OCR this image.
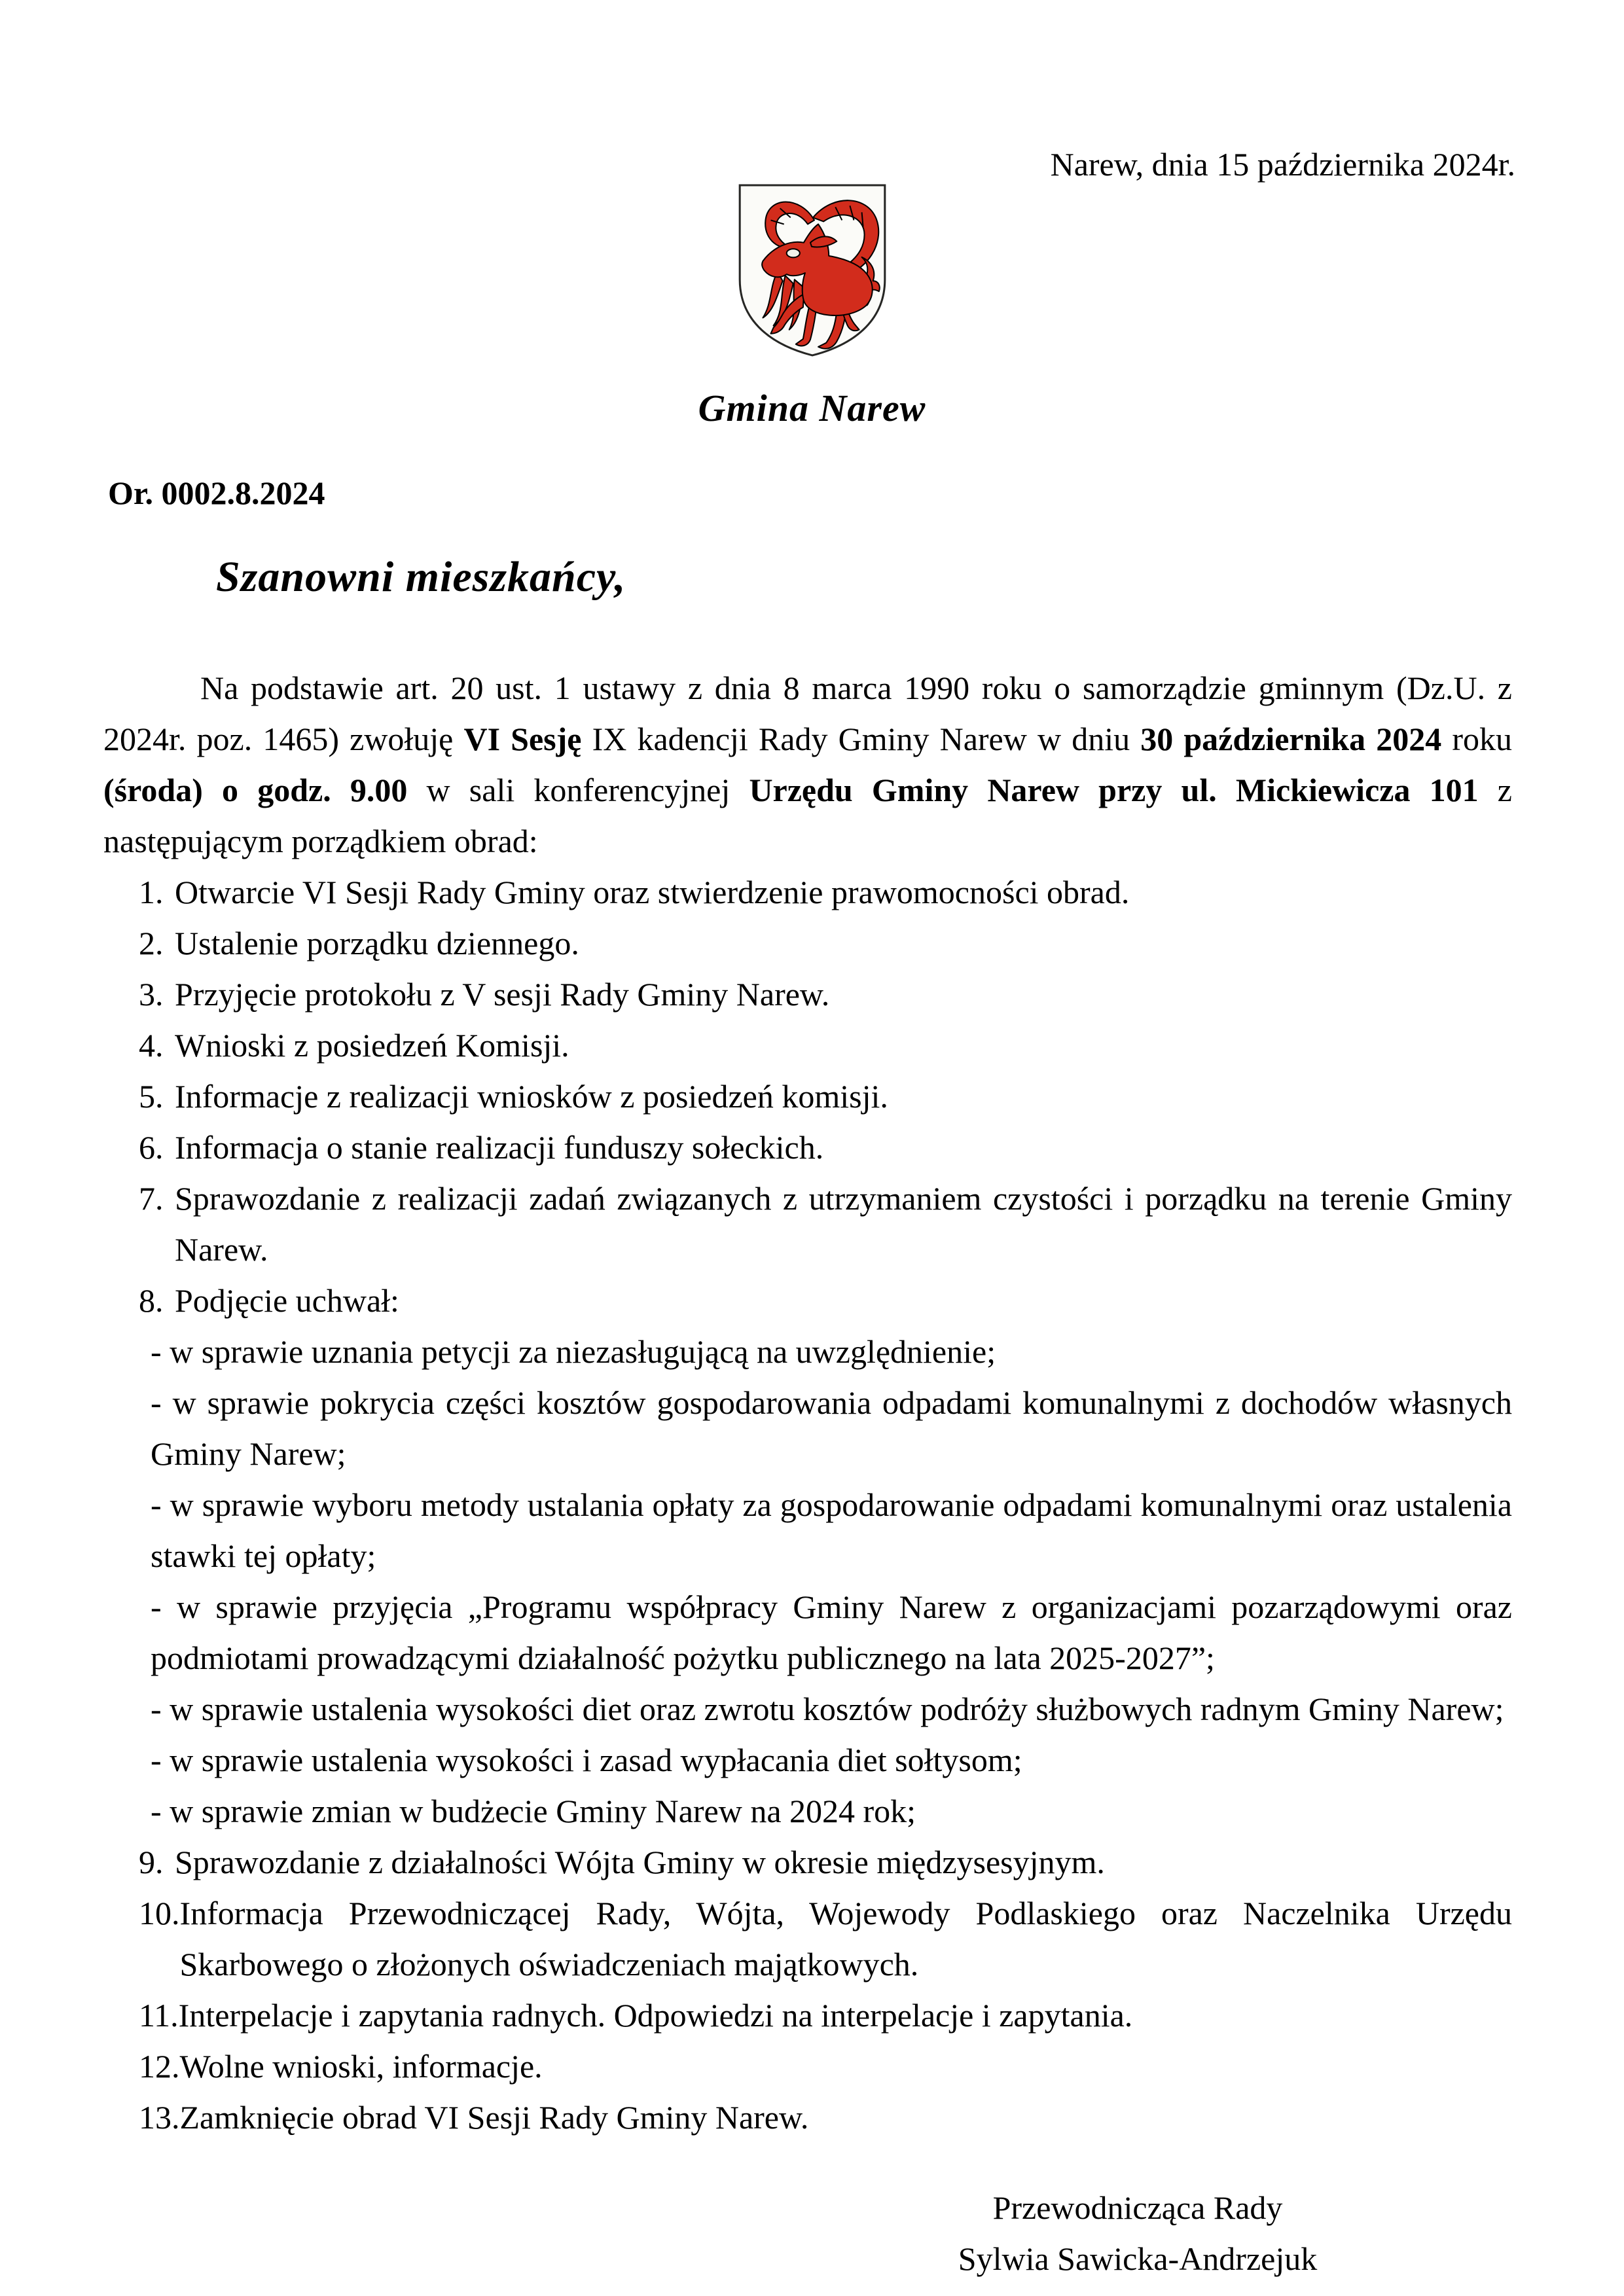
Narew, dnia 15 października 2024r.
Gmina Narew
Or. 0002.8.2024
Szanowni mieszkańcy,

Na podstawie art. 20 ust. 1 ustawy z dnia 8 marca 1990 roku o samorządzie gminnym (Dz.U. z 2024r. poz. 1465) zwołuję VI Sesję IX kadencji Rady Gminy Narew w dniu 30 października 2024 roku (środa) o godz. 9.00 w sali konferencyjnej Urzędu Gminy Narew przy ul. Mickiewicza 101 z następującym porządkiem obrad:

1. Otwarcie VI Sesji Rady Gminy oraz stwierdzenie prawomocności obrad.
2. Ustalenie porządku dziennego.
3. Przyjęcie protokołu z V sesji Rady Gminy Narew.
4. Wnioski z posiedzeń Komisji.
5. Informacje z realizacji wniosków z posiedzeń komisji.
6. Informacja o stanie realizacji funduszy sołeckich.
7. Sprawozdanie z realizacji zadań związanych z utrzymaniem czystości i porządku na terenie Gminy Narew.
8. Podjęcie uchwał:
- w sprawie uznania petycji za niezasługującą na uwzględnienie;
- w sprawie pokrycia części kosztów gospodarowania odpadami komunalnymi z dochodów własnych Gminy Narew;
- w sprawie wyboru metody ustalania opłaty za gospodarowanie odpadami komunalnymi oraz ustalenia stawki tej opłaty;
- w sprawie przyjęcia „Programu współpracy Gminy Narew z organizacjami pozarządowymi oraz podmiotami prowadzącymi działalność pożytku publicznego na lata 2025-2027”;
- w sprawie ustalenia wysokości diet oraz zwrotu kosztów podróży służbowych radnym Gminy Narew;
- w sprawie ustalenia wysokości i zasad wypłacania diet sołtysom;
- w sprawie zmian w budżecie Gminy Narew na 2024 rok;
9. Sprawozdanie z działalności Wójta Gminy w okresie międzysesyjnym.
10. Informacja Przewodniczącej Rady, Wójta, Wojewody Podlaskiego oraz Naczelnika Urzędu Skarbowego o złożonych oświadczeniach majątkowych.
11. Interpelacje i zapytania radnych. Odpowiedzi na interpelacje i zapytania.
12. Wolne wnioski, informacje.
13. Zamknięcie obrad VI Sesji Rady Gminy Narew.
Przewodnicząca Rady
Sylwia Sawicka-Andrzejuk
